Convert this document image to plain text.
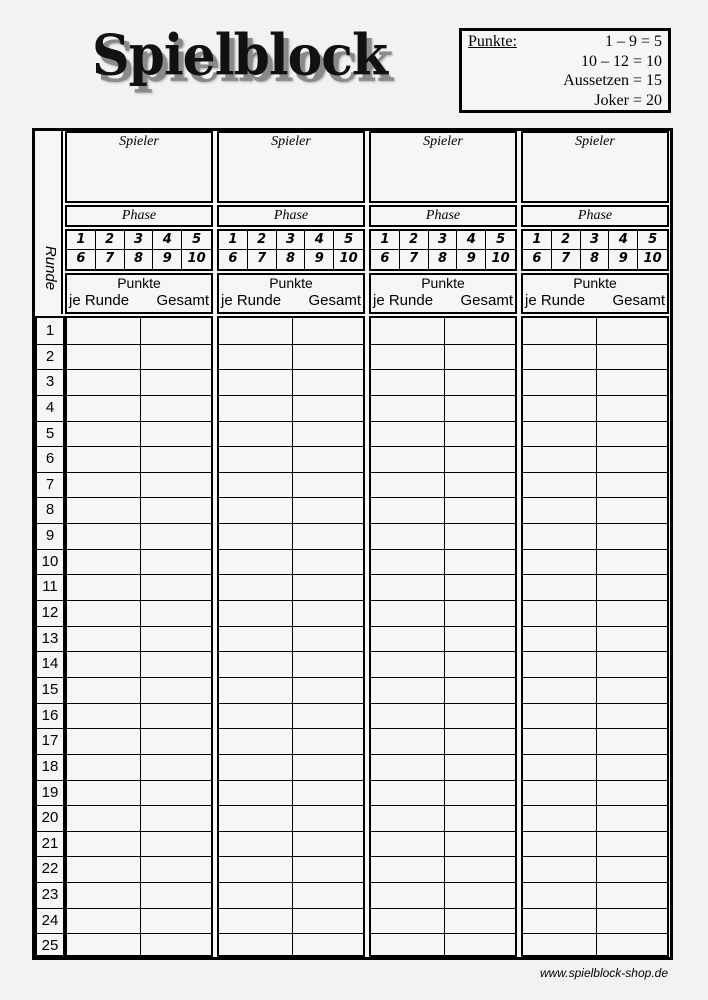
Spielblock	Punkte:	1 – 9 = 5
10 – 12 = 10
Aussetzen = 15
Joker = 20
Runde
Spieler
Phase
1	2	3	4	5
6	7	8	9	10
Punkte
je Runde Gesamt
Spieler
Phase
1	2	3	4	5
6	7	8	9	10
Punkte
je Runde Gesamt
Spieler
Phase
1	2	3	4	5
6	7	8	9	10
Punkte
je Runde Gesamt
Spieler
Phase
1	2	3	4	5
6	7	8	9	10
Punkte
je Runde Gesamt
1
2
3
4
5
6
7
8
9
10
11
12
13
14
15
16
17
18
19
20
21
22
23
24
25
www.spielblock-shop.de
